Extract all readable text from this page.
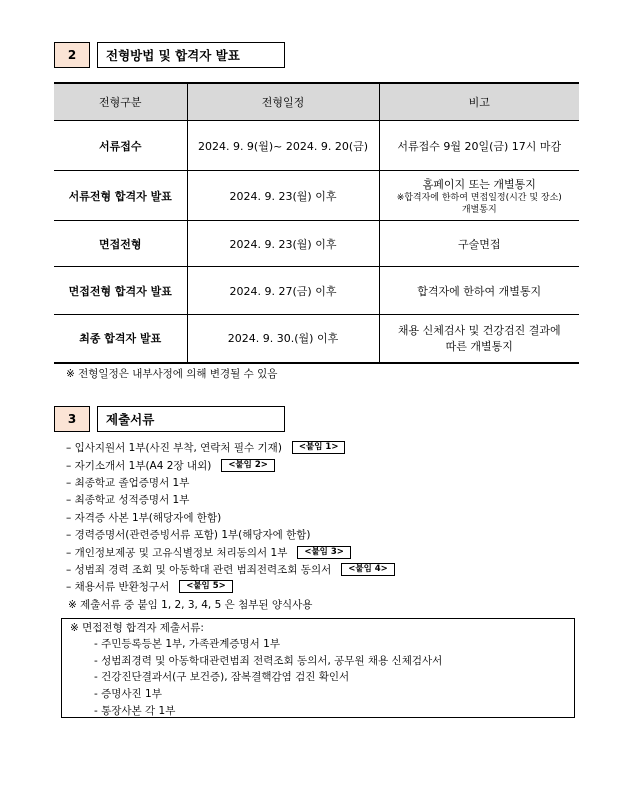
2	전형방법 및 합격자 발표
전형구분	전형일정	비고
서류접수	2024. 9. 9(월)~ 2024. 9. 20(금)	서류접수 9월 20일(금) 17시 마감
서류전형 합격자 발표	2024. 9. 23(월) 이후	홈페이지 또는 개별통지
※합격자에 한하여 면접일정(시간 및 장소)
개별통지

면접전형	2024. 9. 23(월) 이후	구술면접
면접전형 합격자 발표	2024. 9. 27(금) 이후	합격자에 한하여 개별통지
최종 합격자 발표	2024. 9. 30.(월) 이후	채용 신체검사 및 건강검진 결과에
따른 개별통지
※ 전형일정은 내부사정에 의해 변경될 수 있음
3	제출서류
– 입사지원서 1부(사진 부착, 연락처 필수 기재)	<붙임 1>
– 자기소개서 1부(A4 2장 내외)	<붙임 2>
– 최종학교 졸업증명서 1부
– 최종학교 성적증명서 1부
– 자격증 사본 1부(해당자에 한함)
– 경력증명서(관련증빙서류 포함) 1부(해당자에 한함)
– 개인정보제공 및 고유식별정보 처리동의서 1부	<붙임 3>
– 성범죄 경력 조회 및 아동학대 관련 범죄전력조회 동의서	<붙임 4>
– 채용서류 반환청구서	<붙임 5>
※ 제출서류 중 붙임 1, 2, 3, 4, 5 은 첨부된 양식사용
※ 면접전형 합격자 제출서류:
- 주민등록등본 1부, 가족관계증명서 1부
- 성범죄경력 및 아동학대관련범죄 전력조회 동의서, 공무원 채용 신체검사서
- 건강진단결과서(구 보건증), 잠복결핵감염 검진 확인서
- 증명사진 1부
- 통장사본 각 1부
